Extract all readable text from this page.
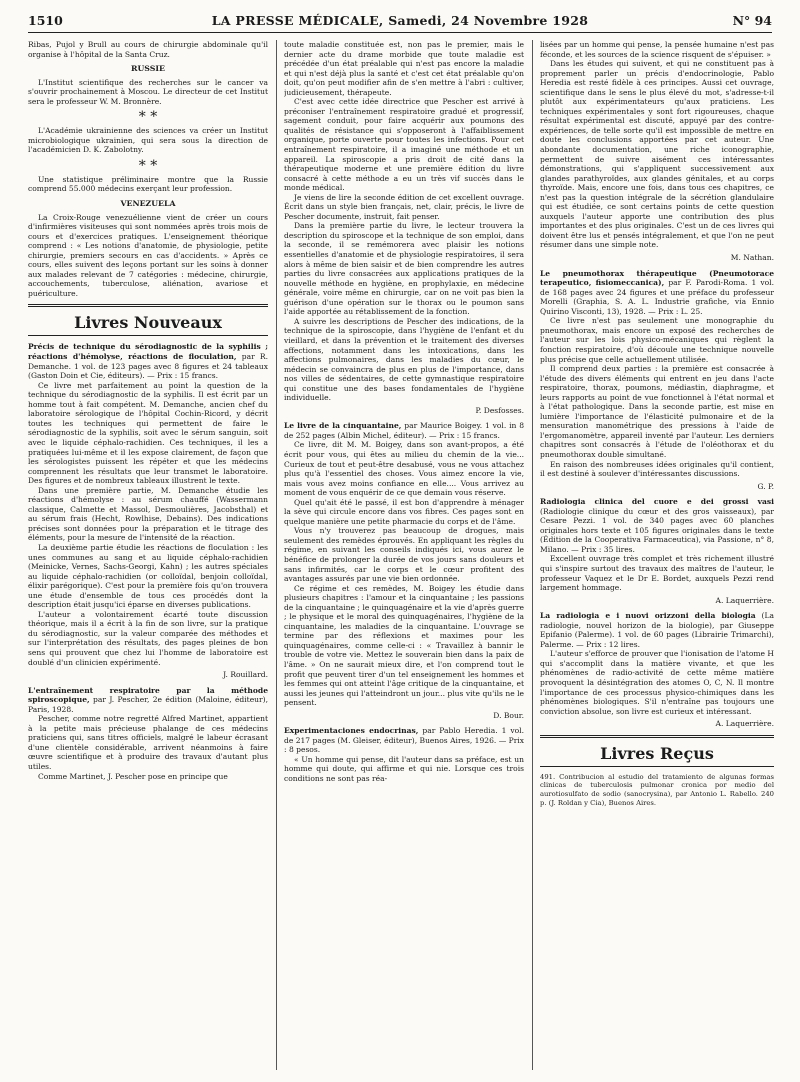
1510	LA PRESSE MÉDICALE, Samedi, 24 Novembre 1928	N° 94

Ribas, Pujol y Brull au cours de chirurgie abdominale qu'il organise à l'hôpital de la Santa Cruz.

RUSSIE

L'Institut scientifique des recherches sur le cancer va s'ouvrir prochainement à Moscou. Le directeur de cet Institut sera le professeur W. M. Bronnère.

* *

L'Académie ukrainienne des sciences va créer un Institut microbiologique ukrainien, qui sera sous la direction de l'académicien D. K. Zabolotny.

* *

Une statistique préliminaire montre que la Russie comprend 55.000 médecins exerçant leur profession.

VENEZUELA

La Croix-Rouge venezuélienne vient de créer un cours d'infirmières visiteuses qui sont nommées après trois mois de cours et d'exercices pratiques. L'enseignement théorique comprend : « Les notions d'anatomie, de physiologie, petite chirurgie, premiers secours en cas d'accidents. » Après ce cours, elles suivent des leçons portant sur les soins à donner aux malades relevant de 7 catégories : médecine, chirurgie, accouchements, tuberculose, aliénation, avariose et puériculture.

Livres Nouveaux

Précis de technique du sérodiagnostic de la syphilis ; réactions d'hémolyse, réactions de floculation, par R. Demanche. 1 vol. de 123 pages avec 8 figures et 24 tableaux (Gaston Doin et Cie, éditeurs). — Prix : 15 francs.

Ce livre met parfaitement au point la question de la technique du sérodiagnostic de la syphilis. Il est écrit par un homme tout à fait compétent. M. Demanche, ancien chef du laboratoire sérologique de l'hôpital Cochin-Ricord, y décrit toutes les techniques qui permettent de faire le sérodiagnostic de la syphilis, soit avec le sérum sanguin, soit avec le liquide céphalo-rachidien. Ces techniques, il les a pratiquées lui-même et il les expose clairement, de façon que les sérologistes puissent les répéter et que les médecins comprennent les résultats que leur transmet le laboratoire. Des figures et de nombreux tableaux illustrent le texte.

Dans une première partie, M. Demanche étudie les réactions d'hémolyse : au sérum chauffé (Wassermann classique, Calmette et Massol, Desmoulières, Jacobsthal) et au sérum frais (Hecht, Rowlhise, Debains). Des indications précises sont données pour la préparation et le titrage des éléments, pour la mesure de l'intensité de la réaction.

La deuxième partie étudie les réactions de floculation : les unes communes au sang et au liquide céphalo-rachidien (Meinicke, Vernes, Sachs-Georgi, Kahn) ; les autres spéciales au liquide céphalo-rachidien (or colloïdal, benjoin colloïdal, élixir parégorique). C'est pour la première fois qu'on trouvera une étude d'ensemble de tous ces procédés dont la description était jusqu'ici éparse en diverses publications.

L'auteur a volontairement écarté toute discussion théorique, mais il a écrit à la fin de son livre, sur la pratique du sérodiagnostic, sur la valeur comparée des méthodes et sur l'interprétation des résultats, des pages pleines de bon sens qui prouvent que chez lui l'homme de laboratoire est doublé d'un clinicien expérimenté.

J. Rouillard.

L'entraînement respiratoire par la méthode spiroscopique, par J. Pescher, 2e édition (Maloine, éditeur), Paris, 1928.

Pescher, comme notre regretté Alfred Martinet, appartient à la petite mais précieuse phalange de ces médecins praticiens qui, sans titres officiels, malgré le labeur écrasant d'une clientèle considérable, arrivent néanmoins à faire œuvre scientifique et à produire des travaux d'autant plus utiles.

Comme Martinet, J. Pescher pose en principe que

toute maladie constituée est, non pas le premier, mais le dernier acte du drame morbide que toute maladie est précédée d'un état préalable qui n'est pas encore la maladie et qui n'est déjà plus la santé et c'est cet état préalable qu'on doit, qu'on peut modifier afin de s'en mettre à l'abri : cultiver, judicieusement, thérapeute.

C'est avec cette idée directrice que Pescher est arrivé à préconiser l'entraînement respiratoire gradué et progressif, sagement conduit, pour faire acquérir aux poumons des qualités de résistance qui s'opposeront à l'affaiblissement organique, porte ouverte pour toutes les infections. Pour cet entraînement respiratoire, il a imaginé une méthode et un appareil. La spiroscopie a pris droit de cité dans la thérapeutique moderne et une première édition du livre consacré à cette méthode a eu un très vif succès dans le monde médical.

Je viens de lire la seconde édition de cet excellent ouvrage. Écrit dans un style bien français, net, clair, précis, le livre de Pescher documente, instruit, fait penser.

Dans la première partie du livre, le lecteur trouvera la description du spiroscope et la technique de son emploi, dans la seconde, il se remémorera avec plaisir les notions essentielles d'anatomie et de physiologie respiratoires, il sera alors à même de bien saisir et de bien comprendre les autres parties du livre consacrées aux applications pratiques de la nouvelle méthode en hygiène, en prophylaxie, en médecine générale, voire même en chirurgie, car on ne voit pas bien la guérison d'une opération sur le thorax ou le poumon sans l'aide apportée au rétablissement de la fonction.

A suivre les descriptions de Pescher des indications, de la technique de la spiroscopie, dans l'hygiène de l'enfant et du vieillard, et dans la prévention et le traitement des diverses affections, notamment dans les intoxications, dans les affections pulmonaires, dans les maladies du cœur, le médecin se convaincra de plus en plus de l'importance, dans nos villes de sédentaires, de cette gymnastique respiratoire qui constitue une des bases fondamentales de l'hygiène individuelle.

P. Desfosses.

Le livre de la cinquantaine, par Maurice Boigey. 1 vol. in 8 de 252 pages (Albin Michel, éditeur). — Prix : 15 francs.

Ce livre, dit M. M. Boigey, dans son avant-propos, a été écrit pour vous, qui êtes au milieu du chemin de la vie... Curieux de tout et peut-être desabusé, vous ne vous attachez plus qu'à l'essentiel des choses. Vous aimez encore la vie, mais vous avez moins confiance en elle.... Vous arrivez au moment de vous enquérir de ce que demain vous réserve.

Quel qu'ait été le passé, il est bon d'apprendre à ménager la sève qui circule encore dans vos fibres. Ces pages sont en quelque manière une petite pharmacie du corps et de l'âme.

Vous n'y trouverez pas beaucoup de drogues, mais seulement des remèdes éprouvés. En appliquant les règles du régime, en suivant les conseils indiqués ici, vous aurez le bénéfice de prolonger la durée de vos jours sans douleurs et sans infirmités, car le corps et le cœur profitent des avantages assurés par une vie bien ordonnée.

Ce régime et ces remèdes, M. Boigey les étudie dans plusieurs chapitres : l'amour et la cinquantaine ; les passions de la cinquantaine ; le quinquagénaire et la vie d'après guerre ; le physique et le moral des quinquagénaires, l'hygiène de la cinquantaine, les maladies de la cinquantaine. L'ouvrage se termine par des réflexions et maximes pour les quinquagénaires, comme celle-ci : « Travaillez à bannir le trouble de votre vie. Mettez le souverain bien dans la paix de l'âme. » On ne saurait mieux dire, et l'on comprend tout le profit que peuvent tirer d'un tel enseignement les hommes et les femmes qui ont atteint l'âge critique de la cinquantaine, et aussi les jeunes qui l'atteindront un jour... plus vite qu'ils ne le pensent.

D. Bour.

Experimentaciones endocrinas, par Pablo Heredia. 1 vol. de 217 pages (M. Gleiser, éditeur), Buenos Aires, 1926. — Prix : 8 pesos.

« Un homme qui pense, dit l'auteur dans sa préface, est un homme qui doute, qui affirme et qui nie. Lorsque ces trois conditions ne sont pas réa-

lisées par un homme qui pense, la pensée humaine n'est pas féconde, et les sources de la science risquent de s'épuiser. »

Dans les études qui suivent, et qui ne constituent pas à proprement parler un précis d'endocrinologie, Pablo Heredia est resté fidèle à ces principes. Aussi cet ouvrage, scientifique dans le sens le plus élevé du mot, s'adresse-t-il plutôt aux expérimentateurs qu'aux praticiens. Les techniques expérimentales y sont fort rigoureuses, chaque résultat expérimental est discuté, appuyé par des contre-expériences, de telle sorte qu'il est impossible de mettre en doute les conclusions apportées par cet auteur. Une abondante documentation, une riche iconographie, permettent de suivre aisément ces intéressantes démonstrations, qui s'appliquent successivement aux glandes parathyroïdes, aux glandes génitales, et au corps thyroïde. Mais, encore une fois, dans tous ces chapitres, ce n'est pas la question intégrale de la sécrétion glandulaire qui est étudiée, ce sont certains points de cette question auxquels l'auteur apporte une contribution des plus importantes et des plus originales. C'est un de ces livres qui doivent être lus et pensés intégralement, et que l'on ne peut résumer dans une simple note.

M. Nathan.

Le pneumothorax thérapeutique (Pneumotorace terapeutico, fisiomeccanica), par F. Parodi-Roma. 1 vol. de 168 pages avec 24 figures et une préface du professeur Morelli (Graphia, S. A. L. Industrie grafiche, via Ennio Quirino Visconti, 13), 1928. — Prix : L. 25.

Ce livre n'est pas seulement une monographie du pneumothorax, mais encore un exposé des recherches de l'auteur sur les lois physico-mécaniques qui règlent la fonction respiratoire, d'où découle une technique nouvelle plus précise que celle actuellement utilisée.

Il comprend deux parties : la première est consacrée à l'étude des divers éléments qui entrent en jeu dans l'acte respiratoire, thorax, poumons, médiastin, diaphragme, et leurs rapports au point de vue fonctionnel à l'état normal et à l'état pathologique. Dans la seconde partie, est mise en lumière l'importance de l'élasticité pulmonaire et de la mensuration manométrique des pressions à l'aide de l'ergomanomètre, appareil inventé par l'auteur. Les derniers chapitres sont consacrés à l'étude de l'oléothorax et du pneumothorax double simultané.

En raison des nombreuses idées originales qu'il contient, il est destiné à soulever d'intéressantes discussions.

G. P.

Radiologia clinica del cuore e dei grossi vasi (Radiologie clinique du cœur et des gros vaisseaux), par Cesare Pezzi. 1 vol. de 340 pages avec 60 planches originales hors texte et 105 figures originales dans le texte (Édition de la Cooperativa Farmaceutica), via Passione, n° 8, Milano. — Prix : 35 lires.

Excellent ouvrage très complet et très richement illustré qui s'inspire surtout des travaux des maîtres de l'auteur, le professeur Vaquez et le Dr E. Bordet, auxquels Pezzi rend largement hommage.

A. Laquerrière.

La radiologia e i nuovi orizzoni della biologia (La radiologie, nouvel horizon de la biologie), par Giuseppe Epifanio (Palerme). 1 vol. de 60 pages (Librairie Trimarchi), Palerme. — Prix : 12 lires.

L'auteur s'efforce de prouver que l'ionisation de l'atome H qui s'accomplit dans la matière vivante, et que les phénomènes de radio-activité de cette même matière provoquent la désintégration des atomes O, C, N. Il montre l'importance de ces processus physico-chimiques dans les phénomènes biologiques. S'il n'entraîne pas toujours une conviction absolue, son livre est curieux et intéressant.

A. Laquerrière.
Livres Reçus

491. Contribucion al estudio del tratamiento de algunas formas clinicas de tuberculosis pulmonar cronica por medio del aurotiosulfato de sodio (sanocrysina), par Antonio L. Rabello. 240 p. (J. Roldan y Cia), Buenos Aires.
